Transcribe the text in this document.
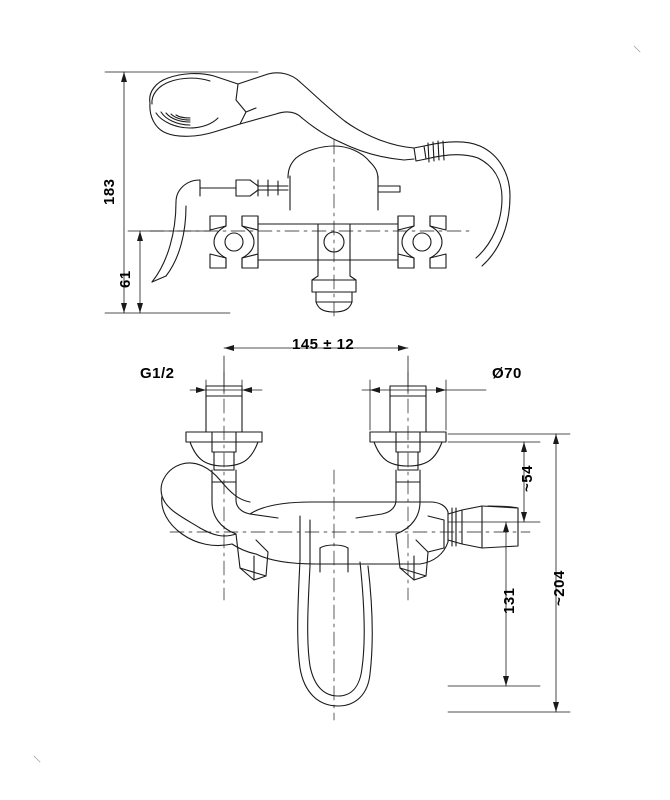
183
61
145 ± 12
G1/2	Ø70
~54
131 ~204
